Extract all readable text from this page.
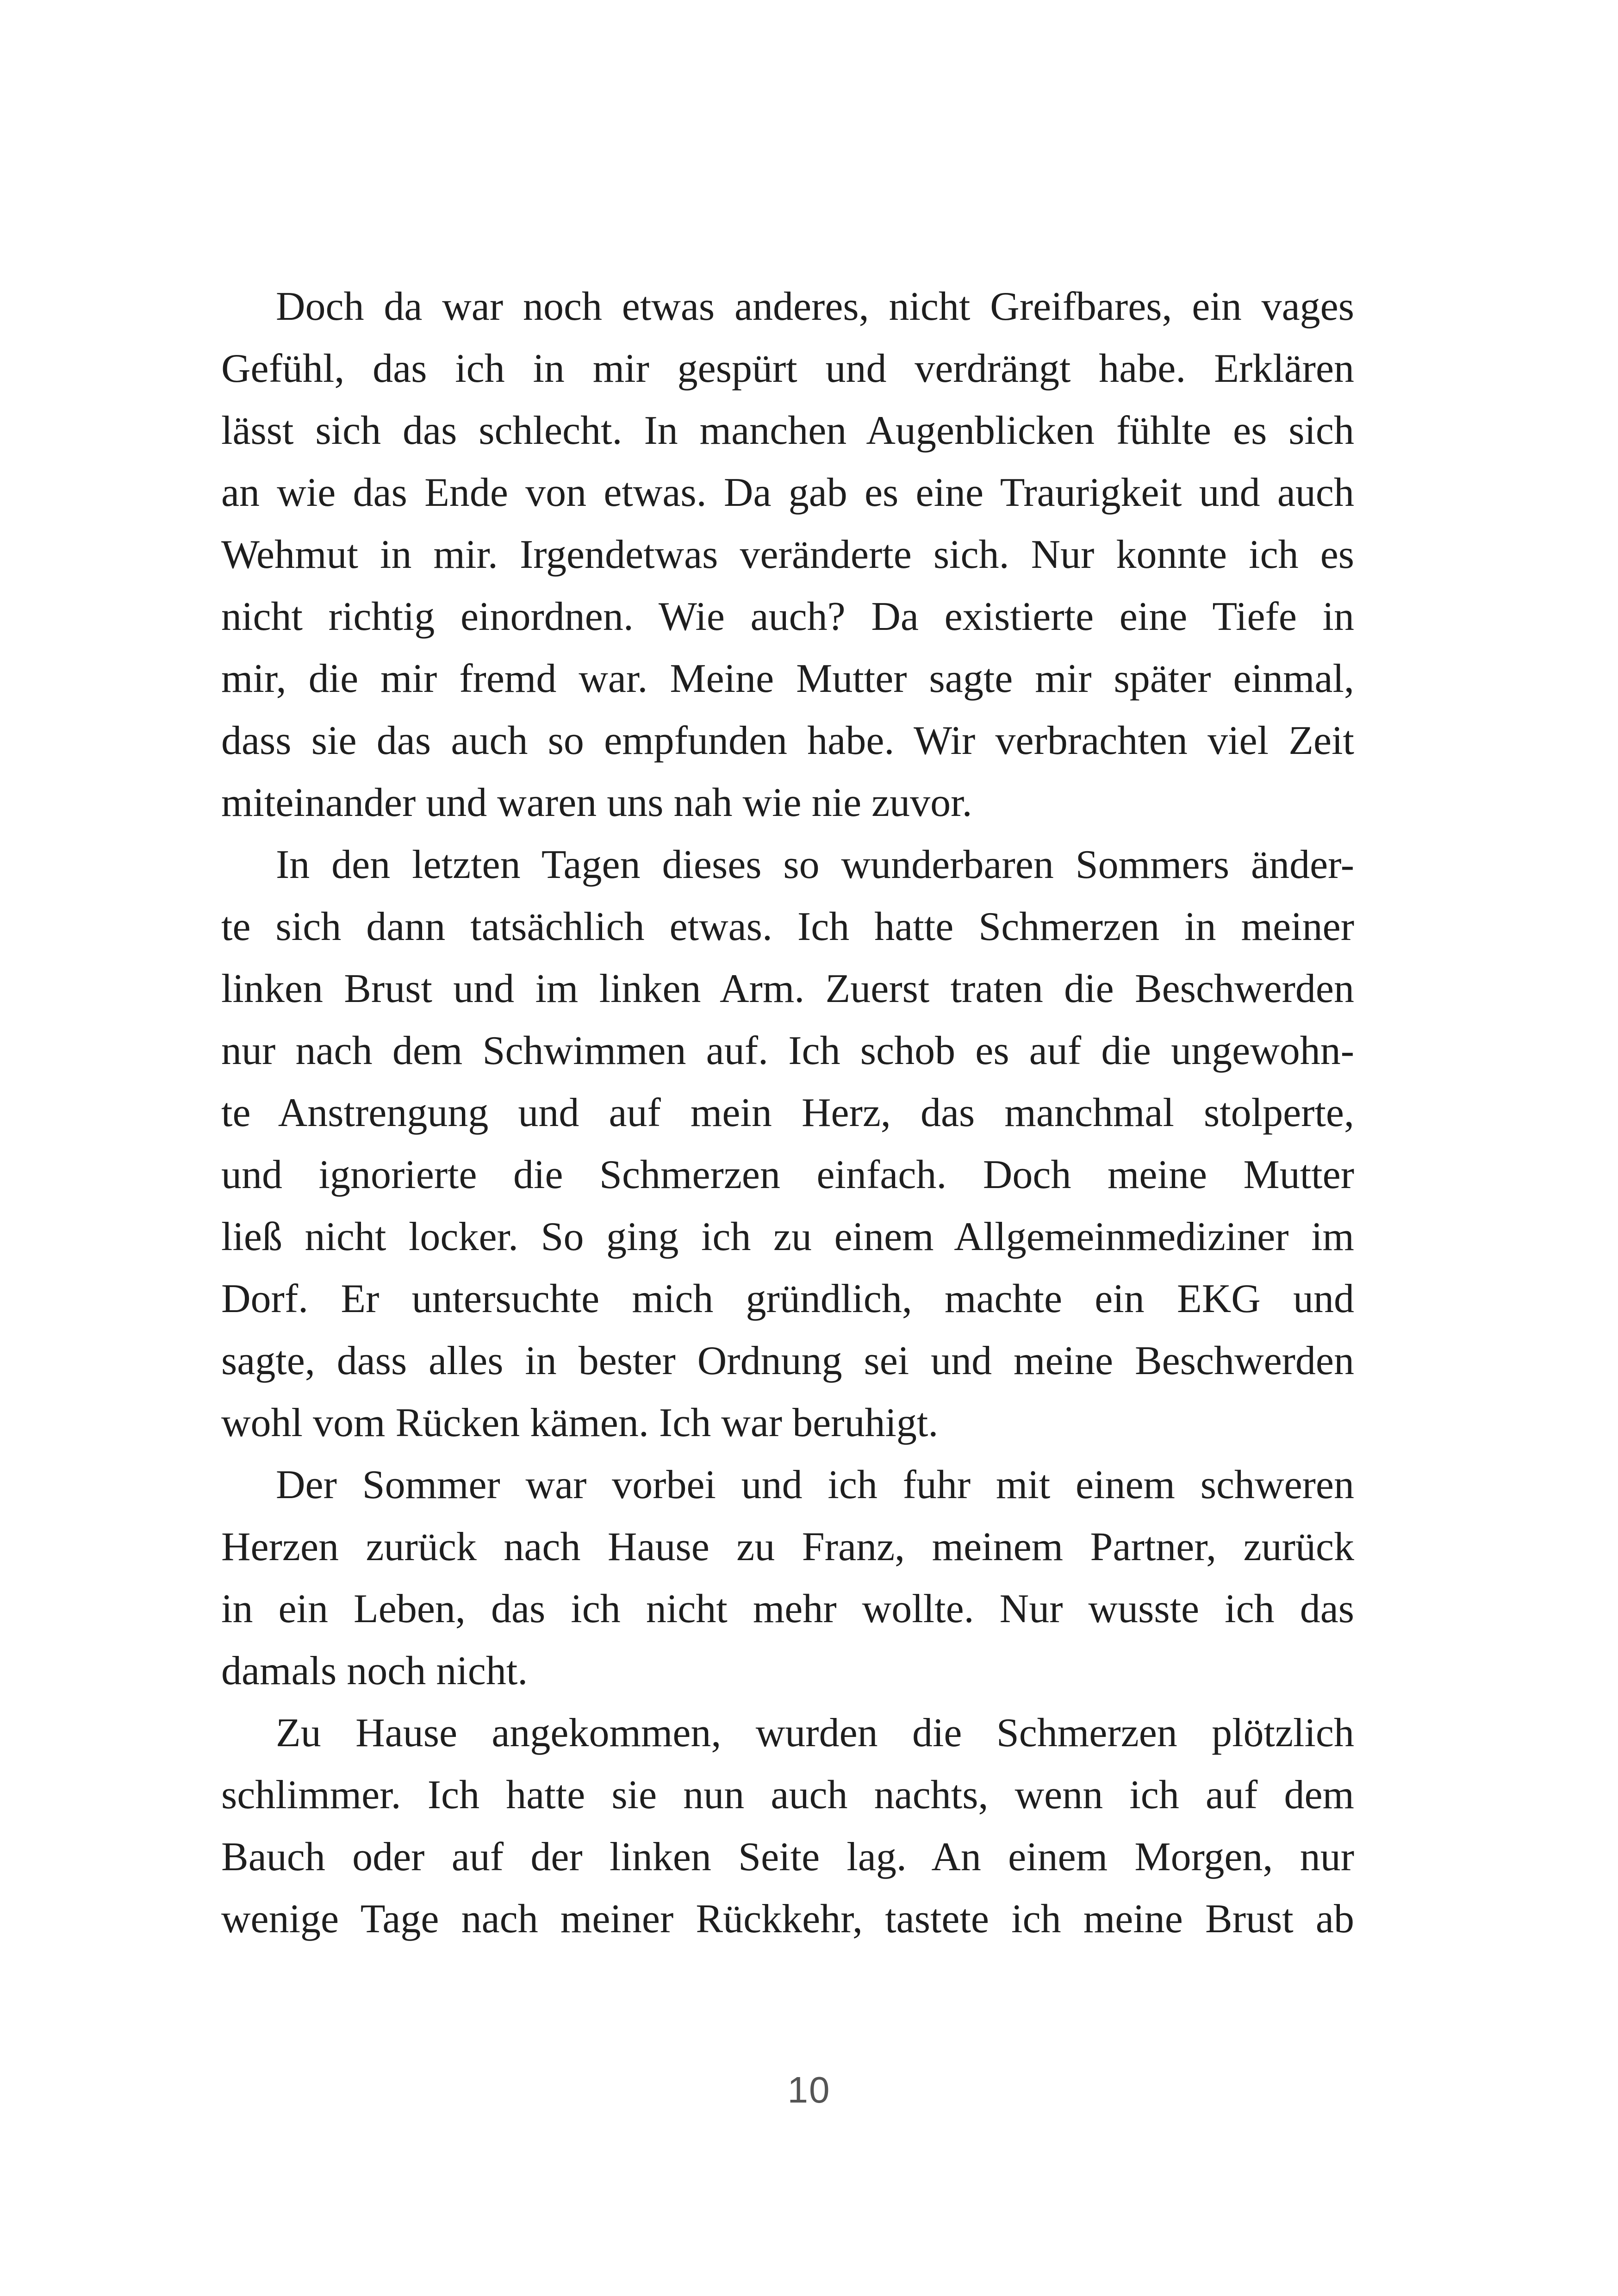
Doch da war noch etwas anderes, nicht Greifbares, ein vages
Gefühl, das ich in mir gespürt und verdrängt habe. Erklären
lässt sich das schlecht. In manchen Augenblicken fühlte es sich
an wie das Ende von etwas. Da gab es eine Traurigkeit und auch
Wehmut in mir. Irgendetwas veränderte sich. Nur konnte ich es
nicht richtig einordnen. Wie auch? Da existierte eine Tiefe in
mir, die mir fremd war. Meine Mutter sagte mir später einmal,
dass sie das auch so empfunden habe. Wir verbrachten viel Zeit
miteinander und waren uns nah wie nie zuvor.
In den letzten Tagen dieses so wunderbaren Sommers änder-
te sich dann tatsächlich etwas. Ich hatte Schmerzen in meiner
linken Brust und im linken Arm. Zuerst traten die Beschwerden
nur nach dem Schwimmen auf. Ich schob es auf die ungewohn-
te Anstrengung und auf mein Herz, das manchmal stolperte,
und ignorierte die Schmerzen einfach. Doch meine Mutter
ließ nicht locker. So ging ich zu einem Allgemeinmediziner im
Dorf. Er untersuchte mich gründlich, machte ein EKG und
sagte, dass alles in bester Ordnung sei und meine Beschwerden
wohl vom Rücken kämen. Ich war beruhigt.
Der Sommer war vorbei und ich fuhr mit einem schweren
Herzen zurück nach Hause zu Franz, meinem Partner, zurück
in ein Leben, das ich nicht mehr wollte. Nur wusste ich das
damals noch nicht.
Zu Hause angekommen, wurden die Schmerzen plötzlich
schlimmer. Ich hatte sie nun auch nachts, wenn ich auf dem
Bauch oder auf der linken Seite lag. An einem Morgen, nur
wenige Tage nach meiner Rückkehr, tastete ich meine Brust ab
10
